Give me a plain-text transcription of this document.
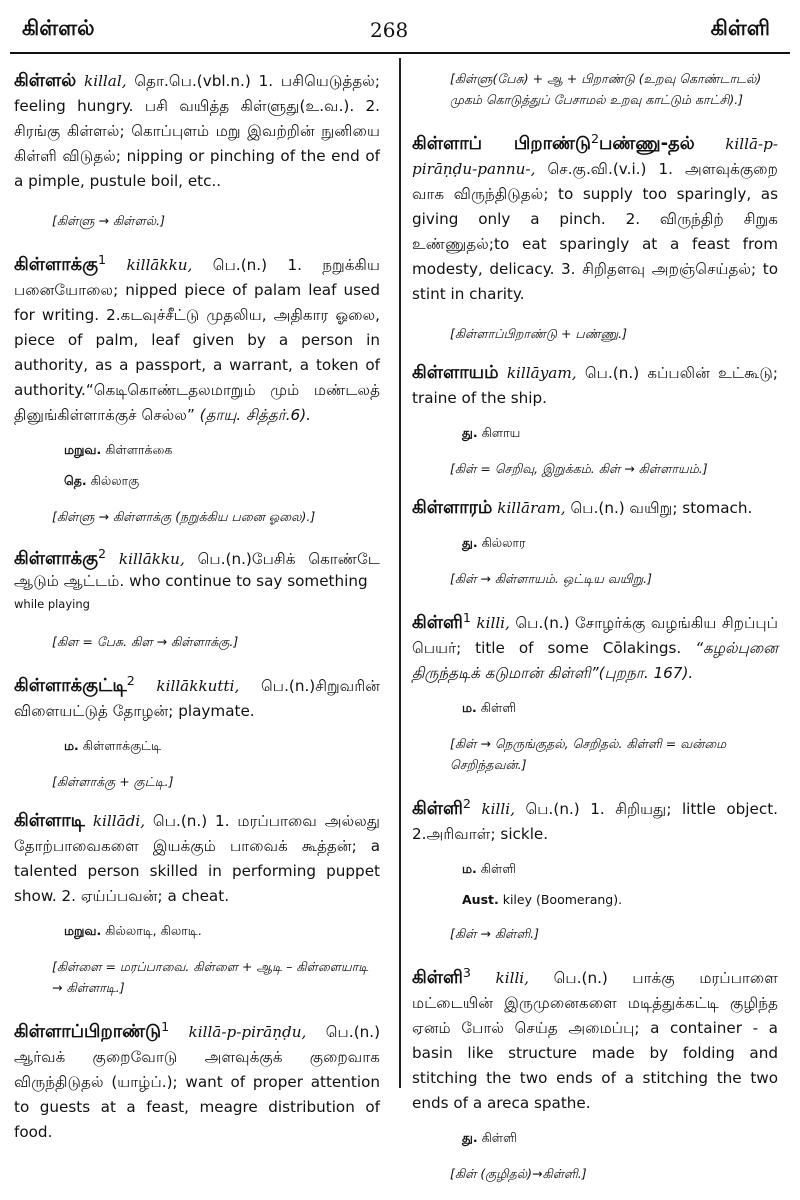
கிள்ளல்	268	கிள்ளி
கிள்ளல் killal, தொ.பெ.(vbl.n.) 1. பசியெடுத்தல்; feeling hungry. பசி வயித்த கிள்ளுது(உ.வ.). 2. சிரங்கு கிள்ளல்; கொப்புளம் மறு இவற்றின் நுனியை கிள்ளி விடுதல்; nipping or pinching of the end of a pimple, pustule boil, etc..
[கிள்ளு → கிள்ளல்.]
கிள்ளாக்கு$^1$ killākku, பெ.(n.) 1. நறுக்கிய பனையோலை; nipped piece of palam leaf used for writing. 2.கடவுச்சீட்டு முதலிய, அதிகார ஓலை, piece of palm, leaf given by a person in authority, as a passport, a warrant, a token of authority.“கெடிகொண்டதலமாறும் மும் மண்டலத் தினுங்கிள்ளாக்குச் செல்ல” (தாயு. சித்தர்.6).
மறுவ. கிள்ளாக்கை
தெ. கில்லாகு
[கிள்ளு → கிள்ளாக்கு (நறுக்கிய பனை ஓலை).]
கிள்ளாக்கு$^2$ killākku, பெ.(n.)பேசிக் கொண்டே ஆடும் ஆட்டம். who continue to say something
while playing
[கிள = பேசு. கிள → கிள்ளாக்கு.]
கிள்ளாக்குட்டி$^2$ killākkutti, பெ.(n.)சிறுவரின் விளையட்டுத் தோழன்; playmate.
ம. கிள்ளாக்குட்டி
[கிள்ளாக்கு + குட்டி.]
கிள்ளாடி killādi, பெ.(n.) 1. மரப்பாவை அல்லது தோற்பாவைகளை இயக்கும் பாவைக் கூத்தன்; a talented person skilled in performing puppet show. 2. ஏய்ப்பவன்; a cheat.
மறுவ. கில்லாடி, கிலாடி.
[கிள்ளை = மரப்பாவை. கிள்ளை + ஆடி – கிள்ளையாடி → கிள்ளாடி.]
கிள்ளாப்பிறாண்டு$^1$ killā-p-pirāṇḍu, பெ.(n.) ஆர்வக் குறைவோடு அளவுக்குக் குறைவாக விருந்திடுதல் (யாழ்ப்.); want of proper attention to guests at a feast, meagre distribution of food.
[கிள்ளு(பேசு) + ஆ + பிறாண்டு (உறவு கொண்டாடல்) முகம் கொடுத்துப் பேசாமல் உறவு காட்டும் காட்சி).]
கிள்ளாப் பிறாண்டு$^2$பண்ணு-தல் killā-p-pirāṇḍu-pannu-, செ.கு.வி.(v.i.) 1. அளவுக்குறை வாக விருந்திடுதல்; to supply too sparingly, as giving only a pinch. 2. விருந்திற் சிறுக உண்ணுதல்;to eat sparingly at a feast from modesty, delicacy. 3. சிறிதளவு அறஞ்செய்தல்; to stint in charity.
[கிள்ளாப்பிறாண்டு + பண்ணு.]
கிள்ளாயம் killāyam, பெ.(n.) கப்பலின் உட்கூடு; traine of the ship.
து. கிளாய
[கிள் = செறிவு, இறுக்கம். கிள் → கிள்ளாயம்.]
கிள்ளாரம் killāram, பெ.(n.) வயிறு; stomach.
து. கில்லார
[கிள் → கிள்ளாயம். ஒட்டிய வயிறு.]
கிள்ளி$^1$ killi, பெ.(n.) சோழர்க்கு வழங்கிய சிறப்புப் பெயர்; title of some Cōlakings. “கழல்புனை திருந்தடிக் கடுமான் கிள்ளி”(புறநா. 167).
ம. கிள்ளி
[கிள் → நெருங்குதல், செறிதல். கிள்ளி = வன்மை செறிந்தவன்.]
கிள்ளி$^2$ killi, பெ.(n.) 1. சிறியது; little object. 2.அரிவாள்; sickle.
ம. கிள்ளி
Aust. kiley (Boomerang).
[கிள் → கிள்ளி.]
கிள்ளி$^3$ killi, பெ.(n.) பாக்கு மரப்பாளை மட்டையின் இருமுனைகளை மடித்துக்கட்டி குழிந்த ஏனம் போல் செய்த அமைப்பு; a container - a basin like structure made by folding and stitching the two ends of a stitching the two ends of a areca spathe.
து. கிள்ளி
[கிள் (குழிதல்)→கிள்ளி.]
